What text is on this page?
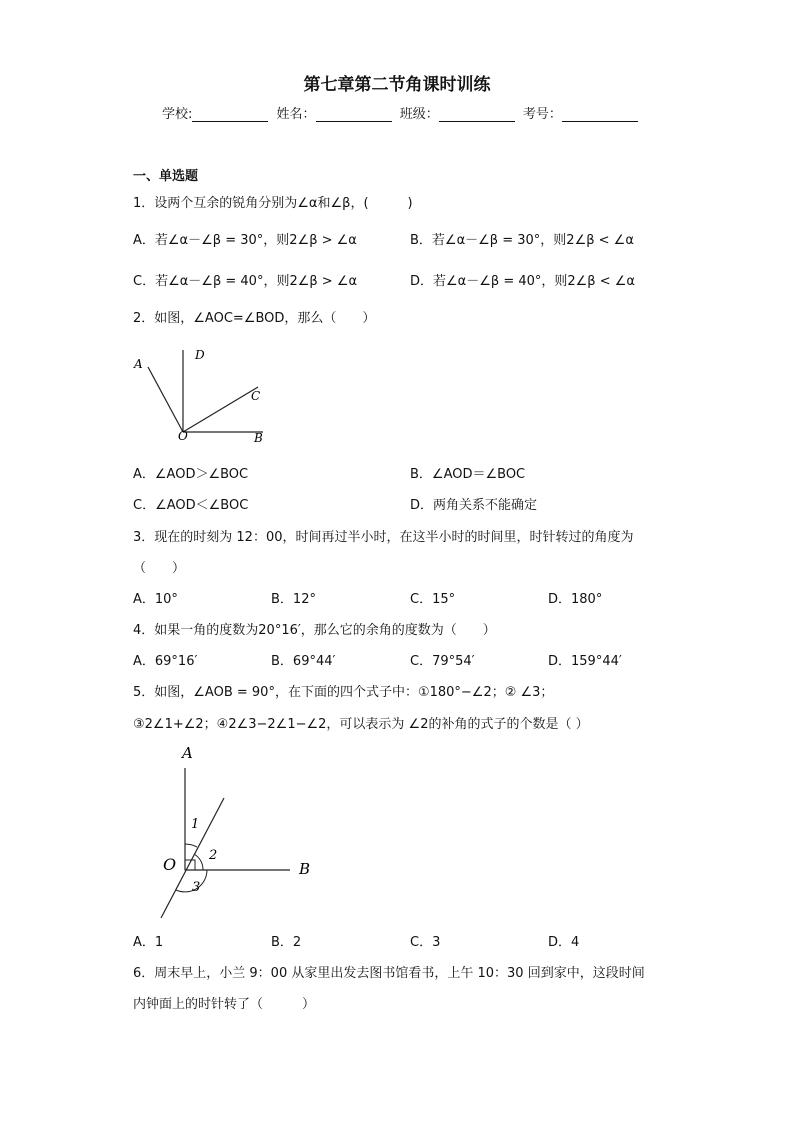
第七章第二节角课时训练
学校:	姓名：	班级：	考号：
一、单选题
1．设两个互余的锐角分别为∠α和∠β，(　　　)
A．若∠α－∠β = 30°，则2∠β > ∠α	B．若∠α－∠β = 30°，则2∠β < ∠α
C．若∠α－∠β = 40°，则2∠β > ∠α	D．若∠α－∠β = 40°，则2∠β < ∠α
2．如图，∠AOC=∠BOD，那么（　　）
A
D
C
O	B
A．∠AOD＞∠BOC	B．∠AOD＝∠BOC
C．∠AOD＜∠BOC	D．两角关系不能确定
3．现在的时刻为 12：00，时间再过半小时，在这半小时的时间里，时针转过的角度为
（　　）
A．10°	B．12°	C．15°	D．180°
4．如果一角的度数为20°16′，那么它的余角的度数为（　　）
A．69°16′	B．69°44′	C．79°54′	D．159°44′
5．如图，∠AOB = 90°，在下面的四个式子中：①180°−∠2；② ∠3；
③2∠1+∠2；④2∠3−2∠1−∠2，可以表示为 ∠2的补角的式子的个数是（ ）
A
1
O	2
B
3
A．1	B．2	C．3	D．4
6．周末早上，小兰 9：00 从家里出发去图书馆看书，上午 10：30 回到家中，这段时间
内钟面上的时针转了（　　　）
